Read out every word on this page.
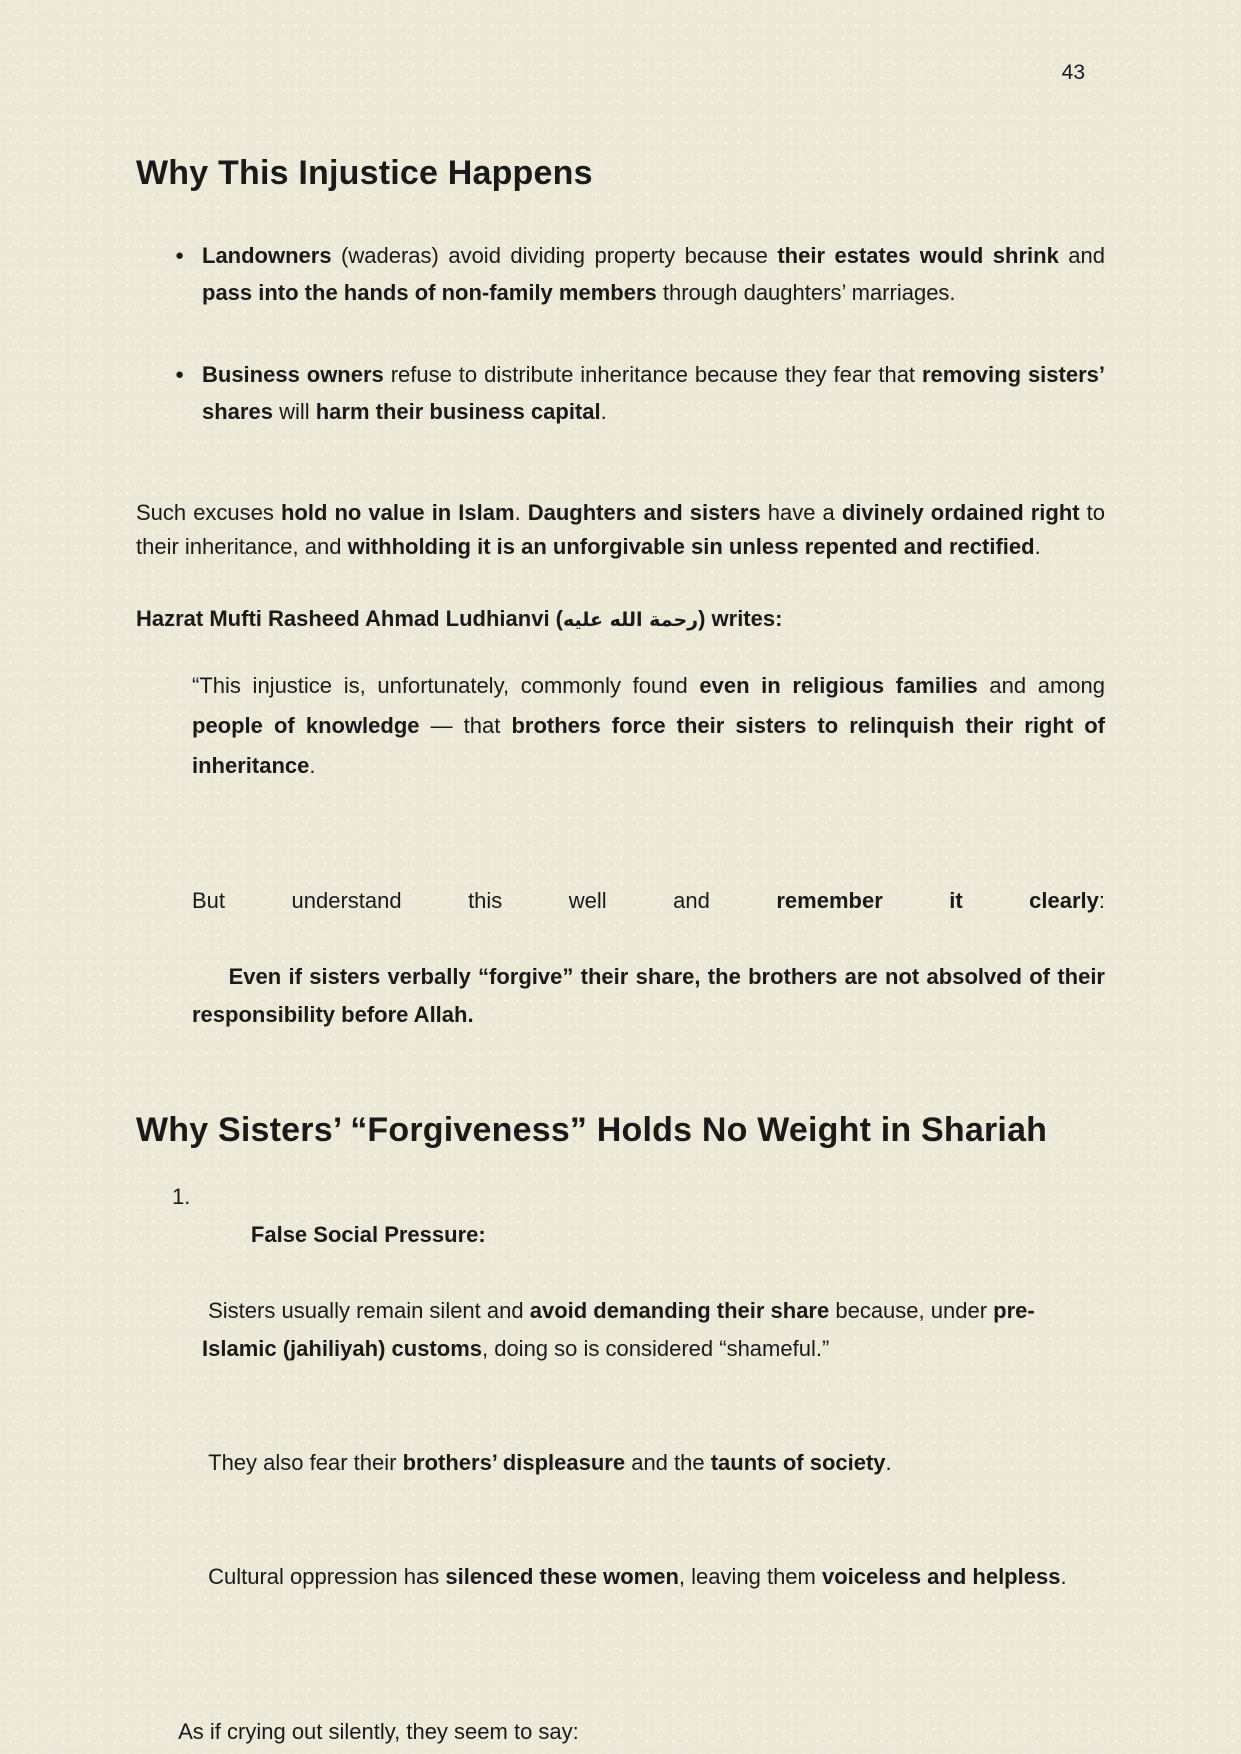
43
Why This Injustice Happens
● Landowners (waderas) avoid dividing property because their estates would shrink and pass into the hands of non-family members through daughters’ marriages.
● Business owners refuse to distribute inheritance because they fear that removing sisters’ shares will harm their business capital.
Such excuses hold no value in Islam. Daughters and sisters have a divinely ordained right to their inheritance, and withholding it is an unforgivable sin unless repented and rectified.
Hazrat Mufti Rasheed Ahmad Ludhianvi (رحمة الله عليه) writes:
“This injustice is, unfortunately, commonly found even in religious families and among people of knowledge — that brothers force their sisters to relinquish their right of inheritance.

But understand this well and remember it clearly:

Even if sisters verbally “forgive” their share, the brothers are not absolved of their responsibility before Allah.

Why Sisters’ “Forgiveness” Holds No Weight in Shariah
1.

False Social Pressure:

Sisters usually remain silent and avoid demanding their share because, under pre-Islamic (jahiliyah) customs, doing so is considered “shameful.”

They also fear their brothers’ displeasure and the taunts of society.

Cultural oppression has silenced these women, leaving them voiceless and helpless.

As if crying out silently, they seem to say:
